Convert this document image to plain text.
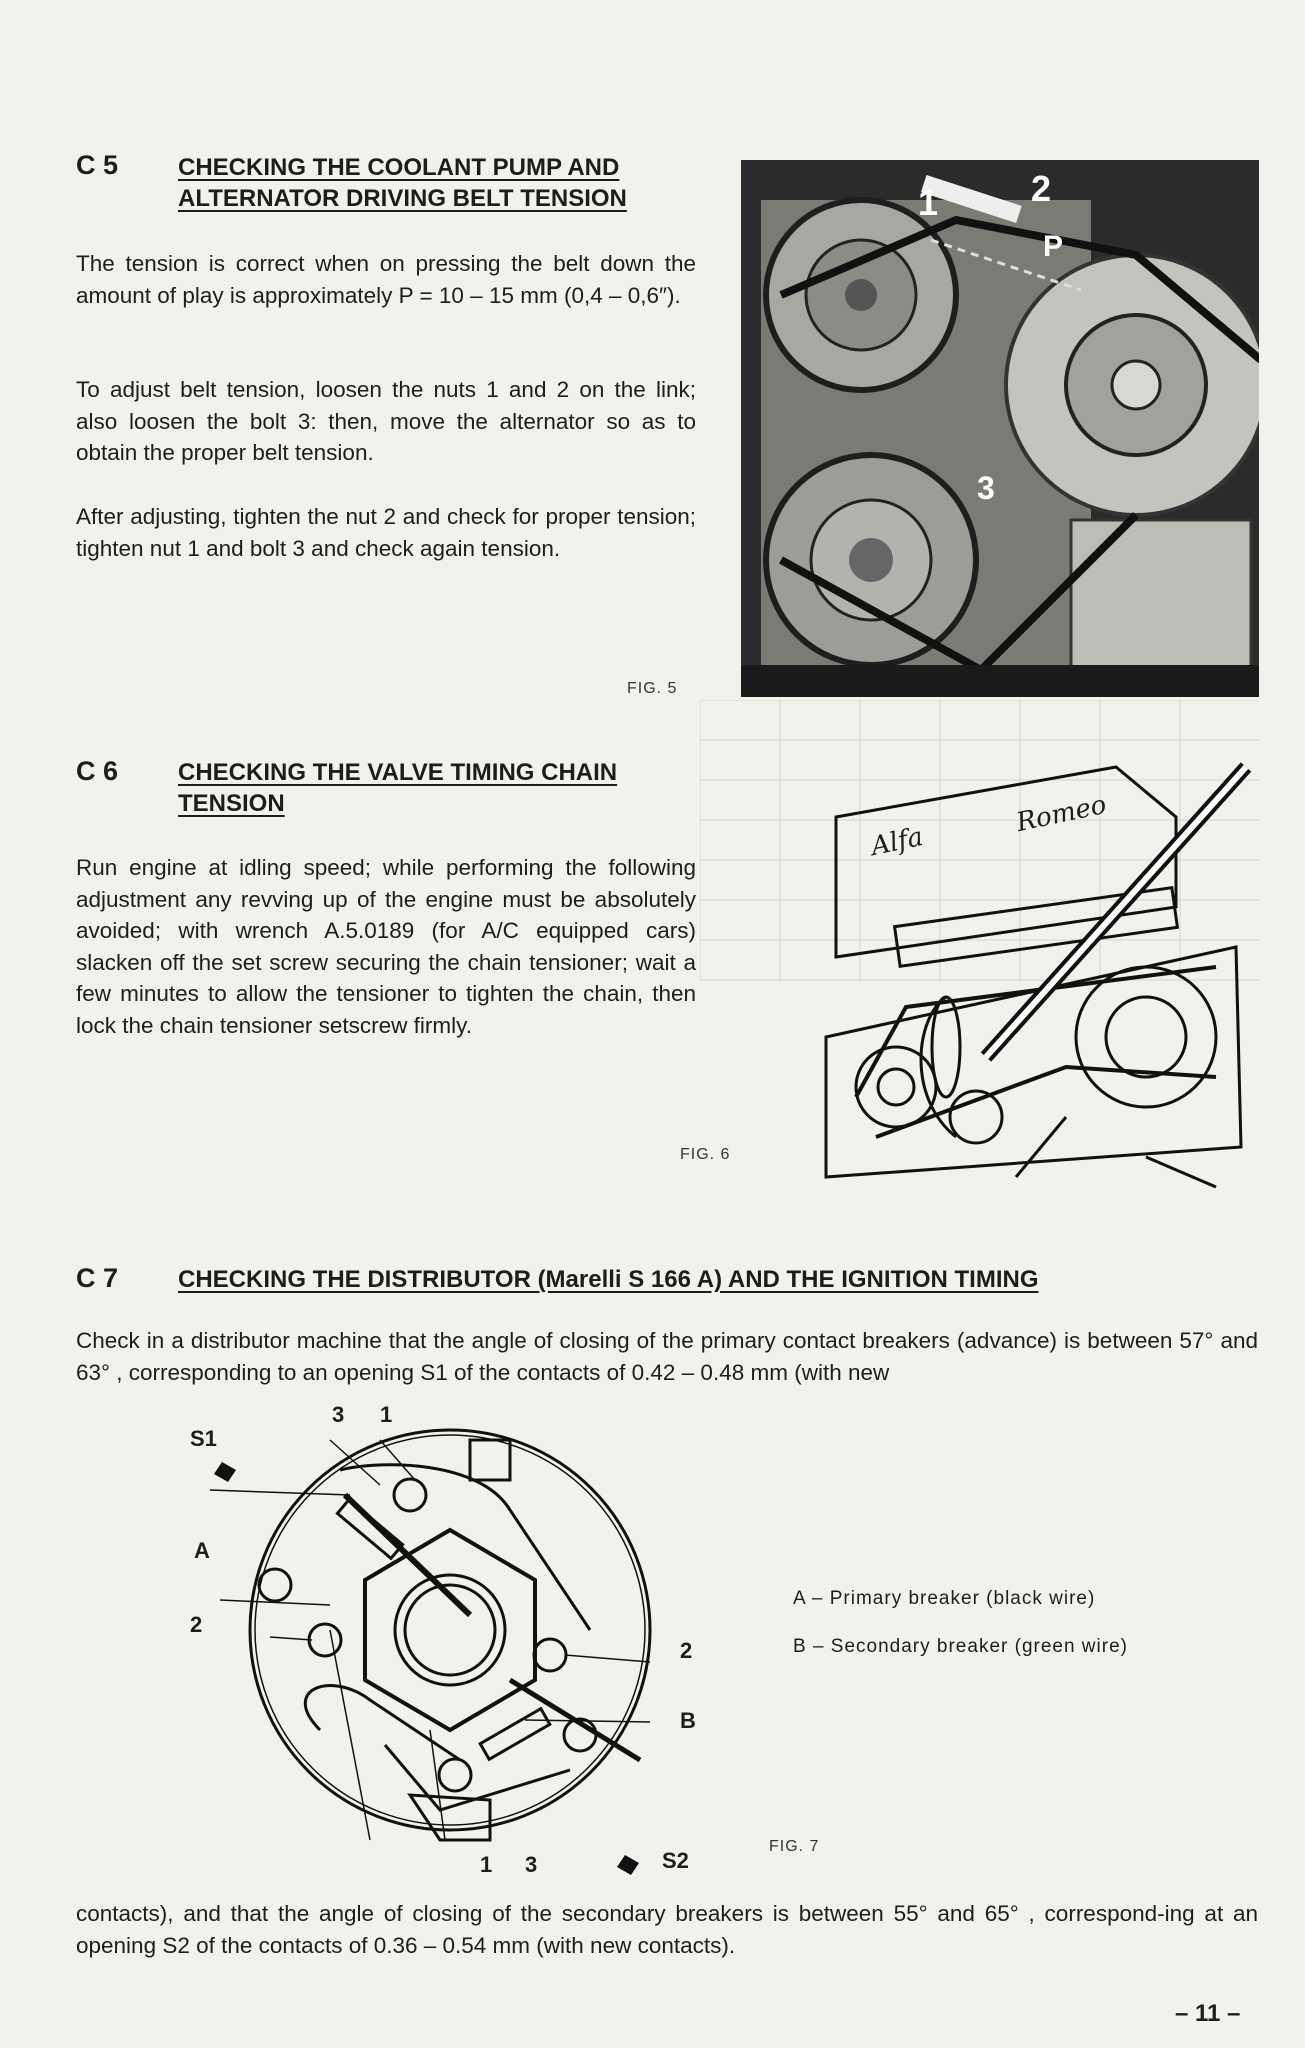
C 5 CHECKING THE COOLANT PUMP AND
ALTERNATOR DRIVING BELT TENSION
The tension is correct when on pressing the belt down the amount of play is approximately P = 10 – 15 mm (0,4 – 0,6″).
To adjust belt tension, loosen the nuts 1 and 2 on the link; also loosen the bolt 3: then, move the alternator so as to obtain the proper belt tension.
After adjusting, tighten the nut 2 and check for proper tension; tighten nut 1 and bolt 3 and check again tension.
FIG. 5
1	2
P
3
C 6 CHECKING THE VALVE TIMING CHAIN
TENSION
Run engine at idling speed; while performing the following adjustment any revving up of the engine must be absolutely avoided; with wrench A.5.0189 (for A/C equipped cars) slacken off the set screw securing the chain tensioner; wait a few minutes to allow the tensioner to tighten the chain, then lock the chain tensioner setscrew firmly.
FIG. 6
Alfa
Romeo
C 7 CHECKING THE DISTRIBUTOR (Marelli S 166 A) AND THE IGNITION TIMING
Check in a distributor machine that the angle of closing of the primary contact breakers (advance) is between 57° and 63° , corresponding to an opening S1 of the contacts of 0.42 – 0.48 mm (with new
S1
3 1
A
2
2
B
S2
1 3
A – Primary breaker (black wire)
B – Secondary breaker (green wire)
FIG. 7
contacts), and that the angle of closing of the secondary breakers is between 55° and 65° , correspond-ing at an opening S2 of the contacts of 0.36 – 0.54 mm (with new contacts).
– 11 –
